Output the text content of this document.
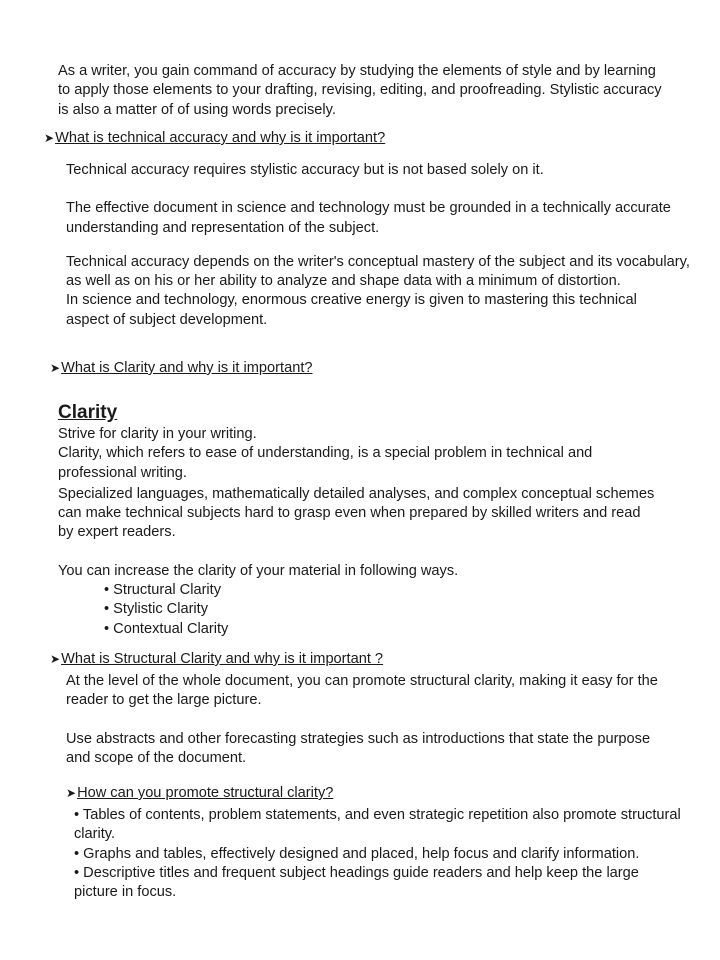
As a writer, you gain command of accuracy by studying the elements of style and by learning to apply those elements to your drafting, revising, editing, and proofreading. Stylistic accuracy is also a matter of of using words precisely.

➤What is technical accuracy and why is it important?

Technical accuracy requires stylistic accuracy but is not based solely on it.

The effective document in science and technology must be grounded in a technically accurate understanding and representation of the subject.

Technical accuracy depends on the writer's conceptual mastery of the subject and its vocabulary, as well as on his or her ability to analyze and shape data with a minimum of distortion.

In science and technology, enormous creative energy is given to mastering this technical aspect of subject development.

➤What is Clarity and why is it important?
Clarity

Strive for clarity in your writing.

Clarity, which refers to ease of understanding, is a special problem in technical and professional writing.

Specialized languages, mathematically detailed analyses, and complex conceptual schemes can make technical subjects hard to grasp even when prepared by skilled writers and read by expert readers.

You can increase the clarity of your material in following ways.

• Structural Clarity
• Stylistic Clarity
• Contextual Clarity
➤What is Structural Clarity and why is it important ?

At the level of the whole document, you can promote structural clarity, making it easy for the reader to get the large picture.

Use abstracts and other forecasting strategies such as introductions that state the purpose and scope of the document.

➤How can you promote structural clarity?

• Tables of contents, problem statements, and even strategic repetition also promote structural clarity.

• Graphs and tables, effectively designed and placed, help focus and clarify information.

• Descriptive titles and frequent subject headings guide readers and help keep the large picture in focus.
